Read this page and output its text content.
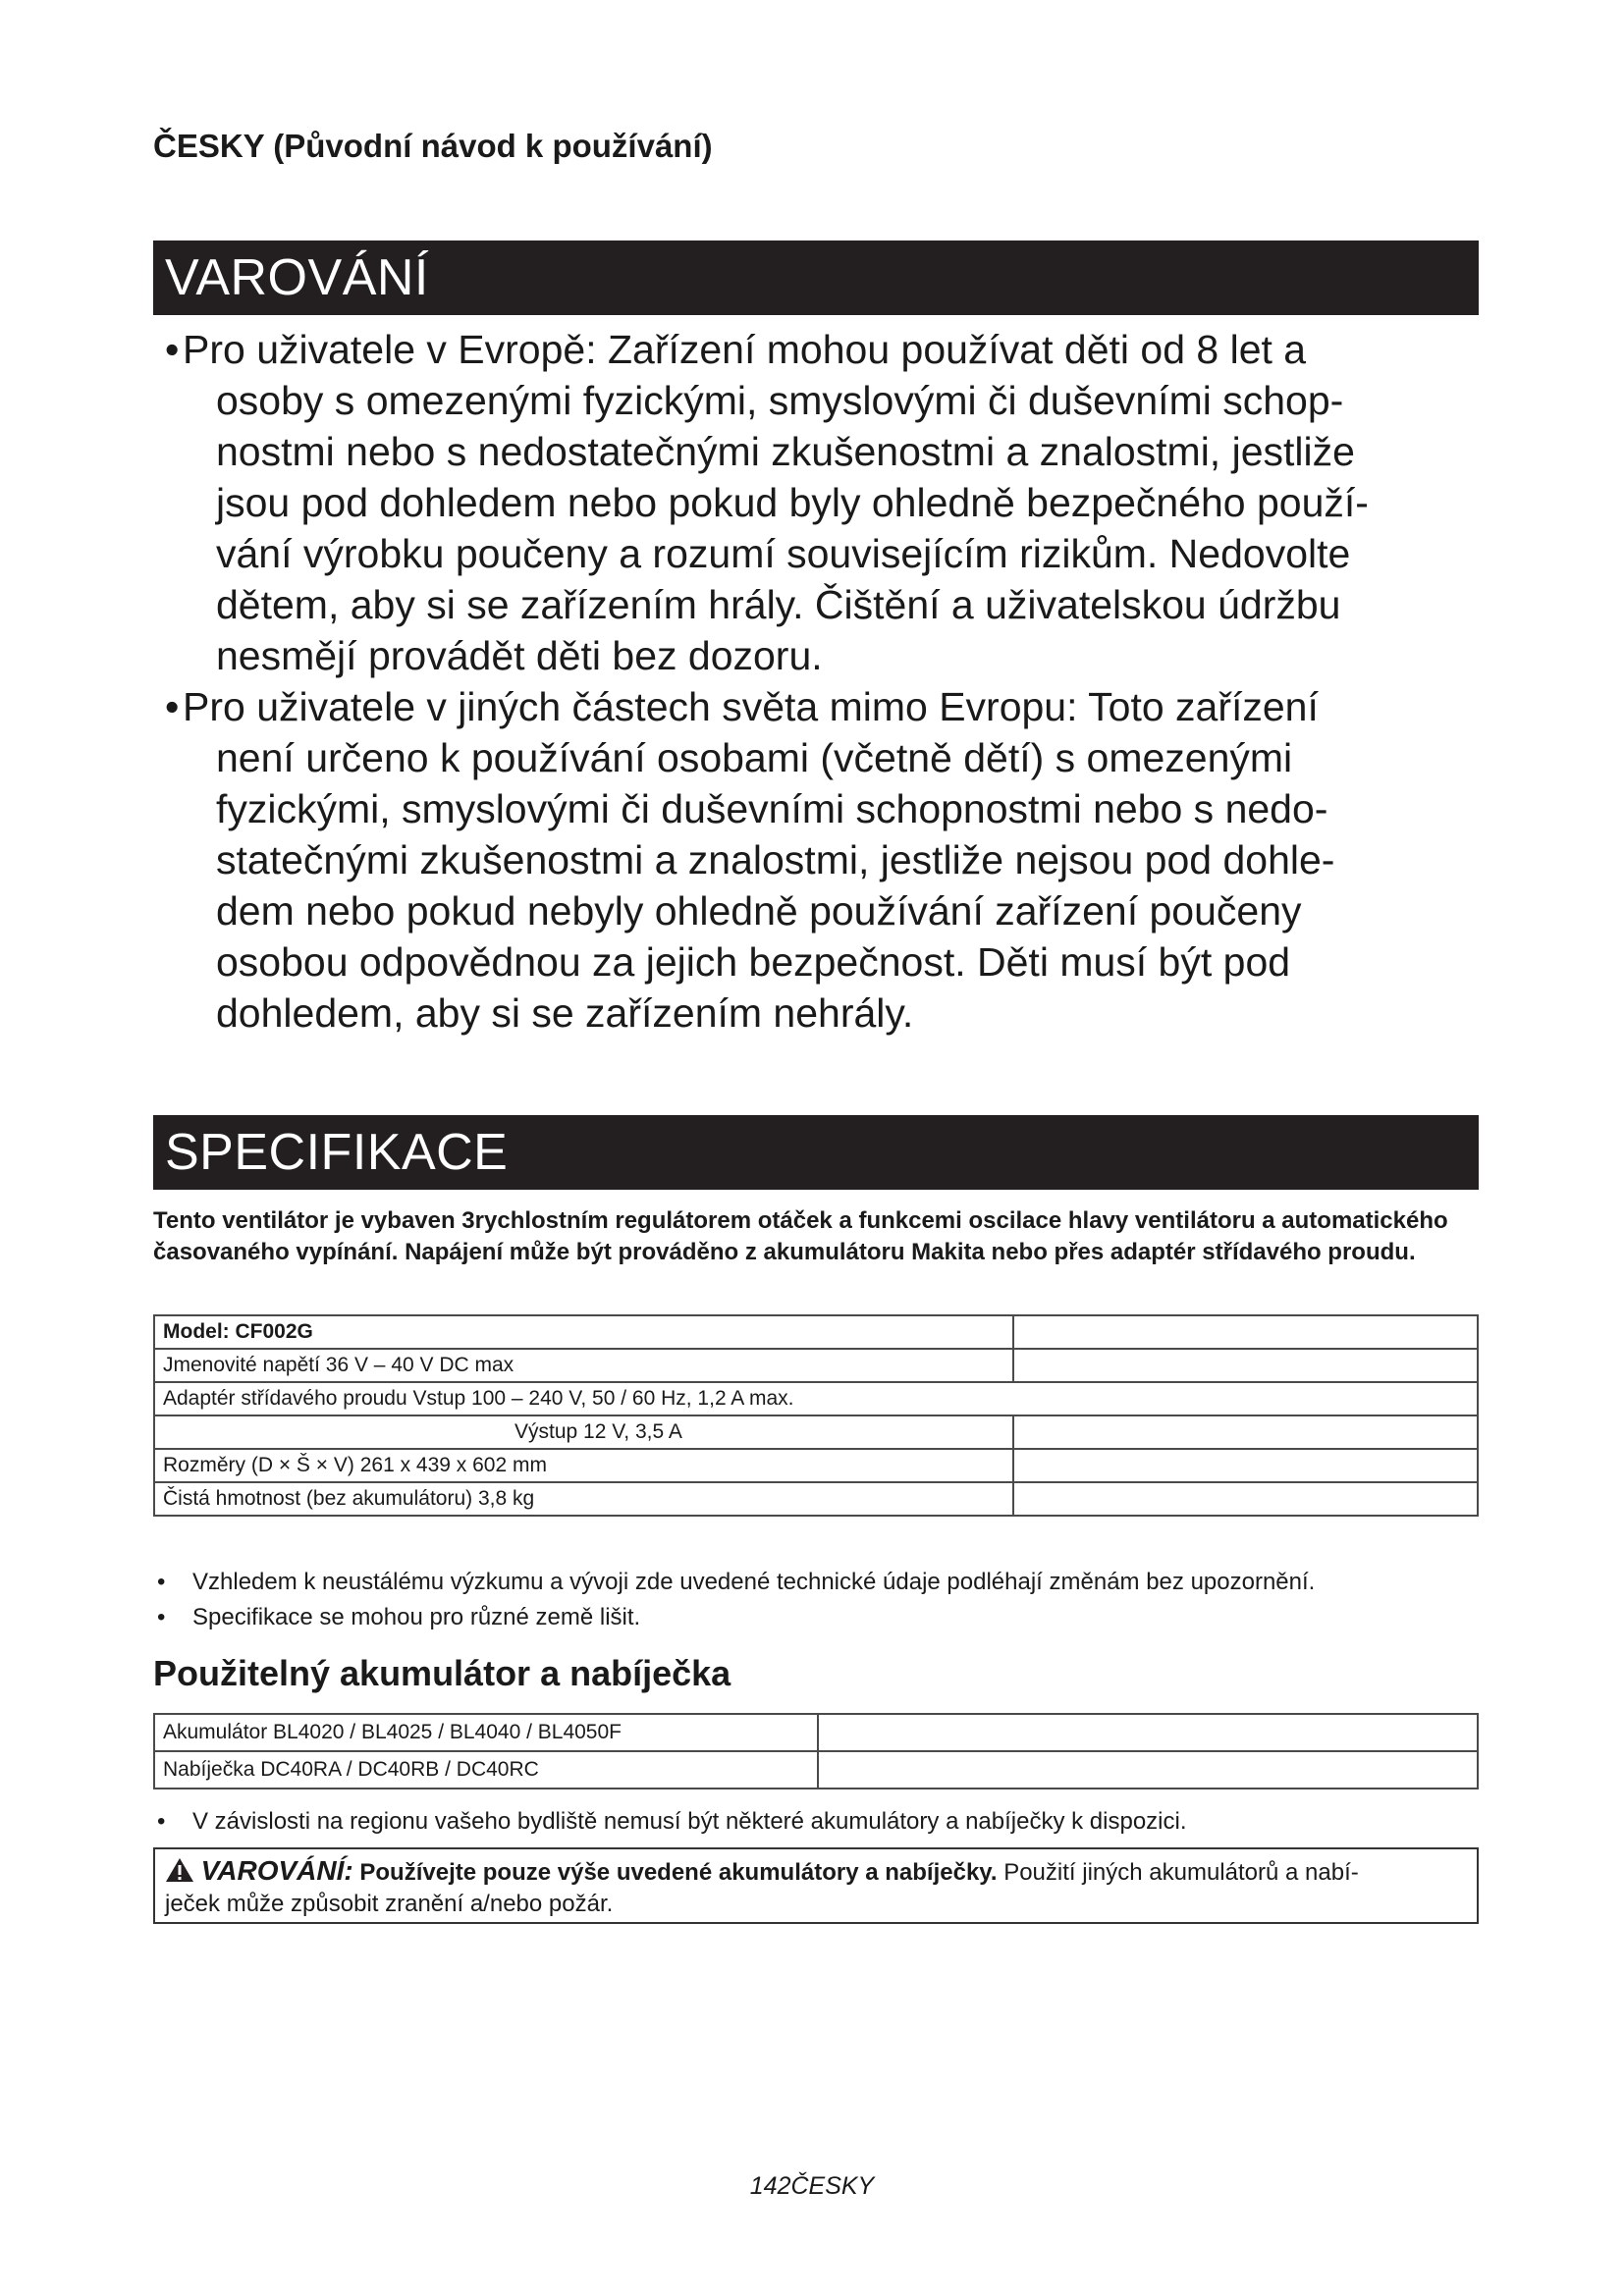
ČESKY (Původní návod k používání)
VAROVÁNÍ
• Pro uživatele v Evropě: Zařízení mohou používat děti od 8 let a
osoby s omezenými fyzickými, smyslovými či duševními schop-
nostmi nebo s nedostatečnými zkušenostmi a znalostmi, jestliže
jsou pod dohledem nebo pokud byly ohledně bezpečného použí-
vání výrobku poučeny a rozumí souvisejícím rizikům. Nedovolte
dětem, aby si se zařízením hrály. Čištění a uživatelskou údržbu
nesmějí provádět děti bez dozoru.
• Pro uživatele v jiných částech světa mimo Evropu: Toto zařízení
není určeno k používání osobami (včetně dětí) s omezenými
fyzickými, smyslovými či duševními schopnostmi nebo s nedo-
statečnými zkušenostmi a znalostmi, jestliže nejsou pod dohle-
dem nebo pokud nebyly ohledně používání zařízení poučeny
osobou odpovědnou za jejich bezpečnost. Děti musí být pod
dohledem, aby si se zařízením nehrály.
SPECIFIKACE
Tento ventilátor je vybaven 3rychlostním regulátorem otáček a funkcemi oscilace hlavy ventilátoru a automatického časovaného vypínání. Napájení může být prováděno z akumulátoru Makita nebo přes adaptér střídavého proudu.
Model: CF002G	
Jmenovité napětí 36 V – 40 V DC max	
Adaptér střídavého proudu Vstup 100 – 240 V, 50 / 60 Hz, 1,2 A max.	
Výstup 12 V, 3,5 A	
Rozměry (D × Š × V) 261 x 439 x 602 mm	
Čistá hmotnost (bez akumulátoru) 3,8 kg	
• Vzhledem k neustálému výzkumu a vývoji zde uvedené technické údaje podléhají změnám bez upozornění.
• Specifikace se mohou pro různé země lišit.
Použitelný akumulátor a nabíječka
Akumulátor BL4020 / BL4025 / BL4040 / BL4050F	
Nabíječka DC40RA / DC40RB / DC40RC	
• V závislosti na regionu vašeho bydliště nemusí být některé akumulátory a nabíječky k dispozici.
VAROVÁNÍ: Používejte pouze výše uvedené akumulátory a nabíječky. Použití jiných akumulátorů a nabí-
ječek může způsobit zranění a/nebo požár.
142ČESKY
